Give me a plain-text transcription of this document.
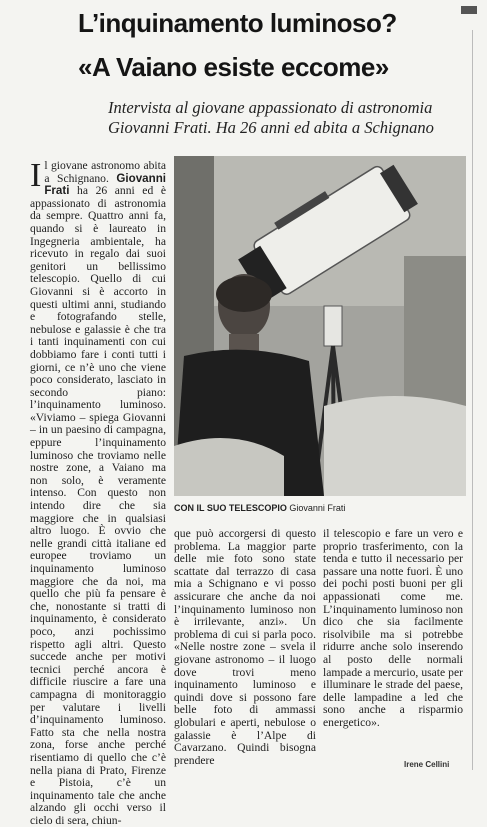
L’inquinamento luminoso?
«A Vaiano esiste eccome»
Intervista al giovane appassionato di astronomia Giovanni Frati. Ha 26 anni ed abita a Schignano

I l giovane astronomo abita a Schignano. Giovanni Frati ha 26 anni ed è appassionato di astronomia da sempre. Quattro anni fa, quando si è laureato in Ingegneria ambientale, ha ricevuto in regalo dai suoi genitori un bellissimo telescopio. Quello di cui Giovanni si è accorto in questi ultimi anni, studiando e fotografando stelle, nebulose e galassie è che tra i tanti inquinamenti con cui dobbiamo fare i conti tutti i giorni, ce n’è uno che viene poco considerato, lasciato in secondo piano: l’inquinamento luminoso. «Viviamo – spiega Giovanni – in un paesino di campagna, eppure l’inquinamento luminoso che troviamo nelle nostre zone, a Vaiano ma non solo, è veramente intenso. Con questo non intendo dire che sia maggiore che in qualsiasi altro luogo. È ovvio che nelle grandi città italiane ed europee troviamo un inquinamento luminoso maggiore che da noi, ma quello che più fa pensare è che, nonostante si tratti di inquinamento, è considerato poco, anzi pochissimo rispetto agli altri. Questo succede anche per motivi tecnici perché ancora è difficile riuscire a fare una campagna di monitoraggio per valutare i livelli d’inquinamento luminoso. Fatto sta che nella nostra zona, forse anche perché risentiamo di quello che c’è nella piana di Prato, Firenze e Pistoia, c’è un inquinamento tale che anche alzando gli occhi verso il cielo di sera, chiun-

CON IL SUO TELESCOPIO Giovanni Frati

que può accorgersi di questo problema. La maggior parte delle mie foto sono state scattate dal terrazzo di casa mia a Schignano e vi posso assicurare che anche da noi l’inquinamento luminoso non è irrilevante, anzi». Un problema di cui si parla poco. «Nelle nostre zone – svela il giovane astronomo – il luogo dove trovi meno inquinamento luminoso e quindi dove si possono fare belle foto di ammassi globulari e aperti, nebulose o galassie è l’Alpe di Cavarzano. Quindi bisogna prendere

il telescopio e fare un vero e proprio trasferimento, con la tenda e tutto il necessario per passare una notte fuori. È uno dei pochi posti buoni per gli appassionati come me. L’inquinamento luminoso non dico che sia facilmente risolvibile ma si potrebbe ridurre anche solo inserendo al posto delle normali lampade a mercurio, usate per illuminare le strade del paese, delle lampadine a led che sono anche a risparmio energetico».

Irene Cellini
